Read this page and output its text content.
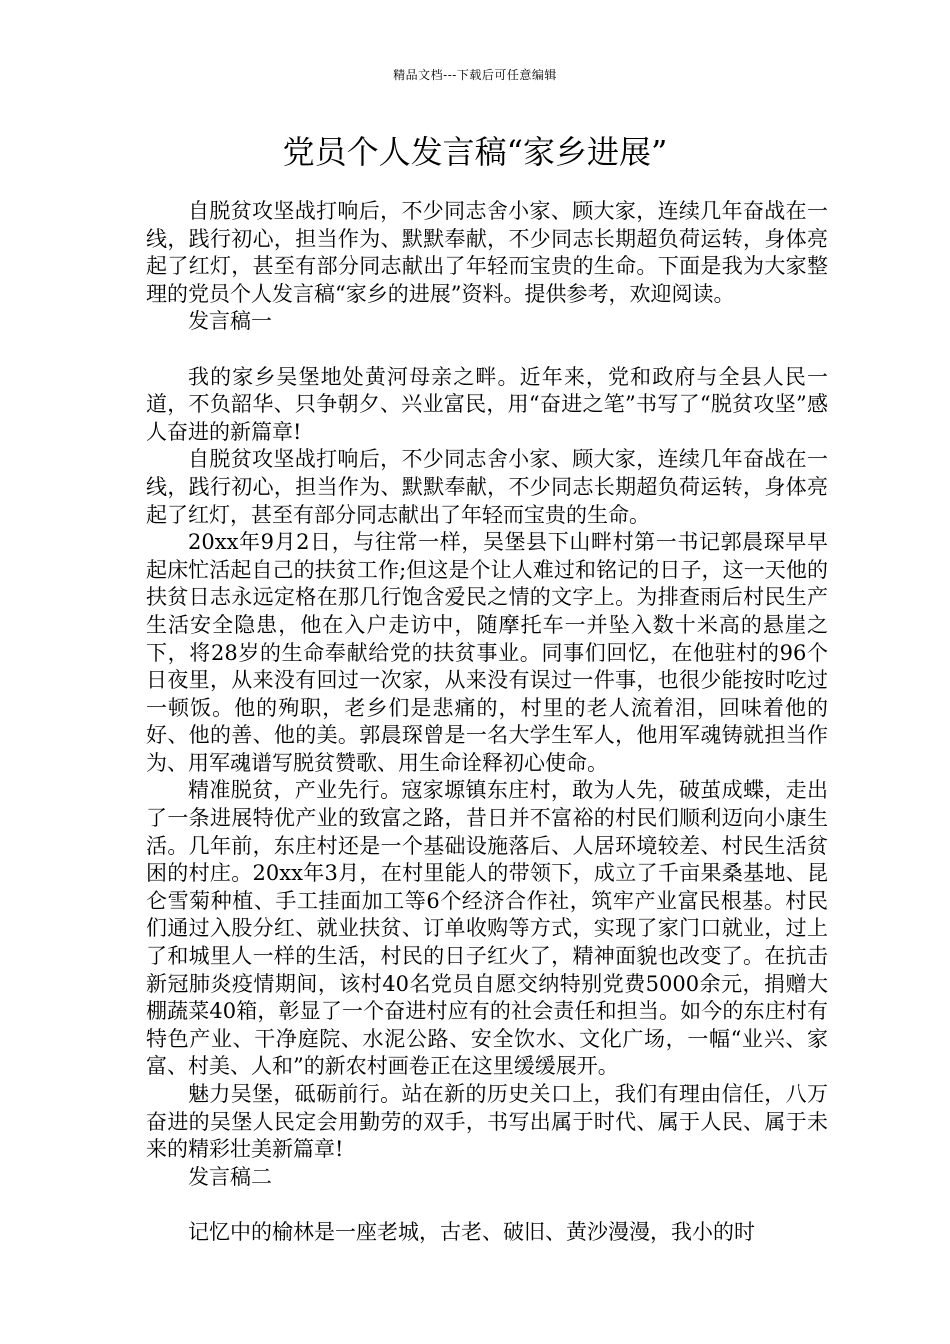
精品文档---下载后可任意编辑
党员个人发言稿“家乡进展”

自脱贫攻坚战打响后，不少同志舍小家、顾大家，连续几年奋战在一线，践行初心，担当作为、默默奉献，不少同志长期超负荷运转，身体亮起了红灯，甚至有部分同志献出了年轻而宝贵的生命。下面是我为大家整理的党员个人发言稿“家乡的进展”资料。提供参考，欢迎阅读。

发言稿一

我的家乡吴堡地处黄河母亲之畔。近年来，党和政府与全县人民一道，不负韶华、只争朝夕、兴业富民，用“奋进之笔”书写了“脱贫攻坚”感人奋进的新篇章!

自脱贫攻坚战打响后，不少同志舍小家、顾大家，连续几年奋战在一线，践行初心，担当作为、默默奉献，不少同志长期超负荷运转，身体亮起了红灯，甚至有部分同志献出了年轻而宝贵的生命。

20xx年9月2日，与往常一样，吴堡县下山畔村第一书记郭晨琛早早起床忙活起自己的扶贫工作;但这是个让人难过和铭记的日子，这一天他的扶贫日志永远定格在那几行饱含爱民之情的文字上。为排查雨后村民生产生活安全隐患，他在入户走访中，随摩托车一并坠入数十米高的悬崖之下，将28岁的生命奉献给党的扶贫事业。同事们回忆，在他驻村的96个日夜里，从来没有回过一次家，从来没有误过一件事，也很少能按时吃过一顿饭。他的殉职，老乡们是悲痛的，村里的老人流着泪，回味着他的好、他的善、他的美。郭晨琛曾是一名大学生军人，他用军魂铸就担当作为、用军魂谱写脱贫赞歌、用生命诠释初心使命。

精准脱贫，产业先行。寇家塬镇东庄村，敢为人先，破茧成蝶，走出了一条进展特优产业的致富之路，昔日并不富裕的村民们顺利迈向小康生活。几年前，东庄村还是一个基础设施落后、人居环境较差、村民生活贫困的村庄。20xx年3月，在村里能人的带领下，成立了千亩果桑基地、昆仑雪菊种植、手工挂面加工等6个经济合作社，筑牢产业富民根基。村民们通过入股分红、就业扶贫、订单收购等方式，实现了家门口就业，过上了和城里人一样的生活，村民的日子红火了，精神面貌也改变了。在抗击新冠肺炎疫情期间，该村40名党员自愿交纳特别党费5000余元，捐赠大棚蔬菜40箱，彰显了一个奋进村应有的社会责任和担当。如今的东庄村有特色产业、干净庭院、水泥公路、安全饮水、文化广场，一幅“业兴、家富、村美、人和”的新农村画卷正在这里缓缓展开。

魅力吴堡，砥砺前行。站在新的历史关口上，我们有理由信任，八万奋进的吴堡人民定会用勤劳的双手，书写出属于时代、属于人民、属于未来的精彩壮美新篇章!

发言稿二

记忆中的榆林是一座老城，古老、破旧、黄沙漫漫，我小的时
